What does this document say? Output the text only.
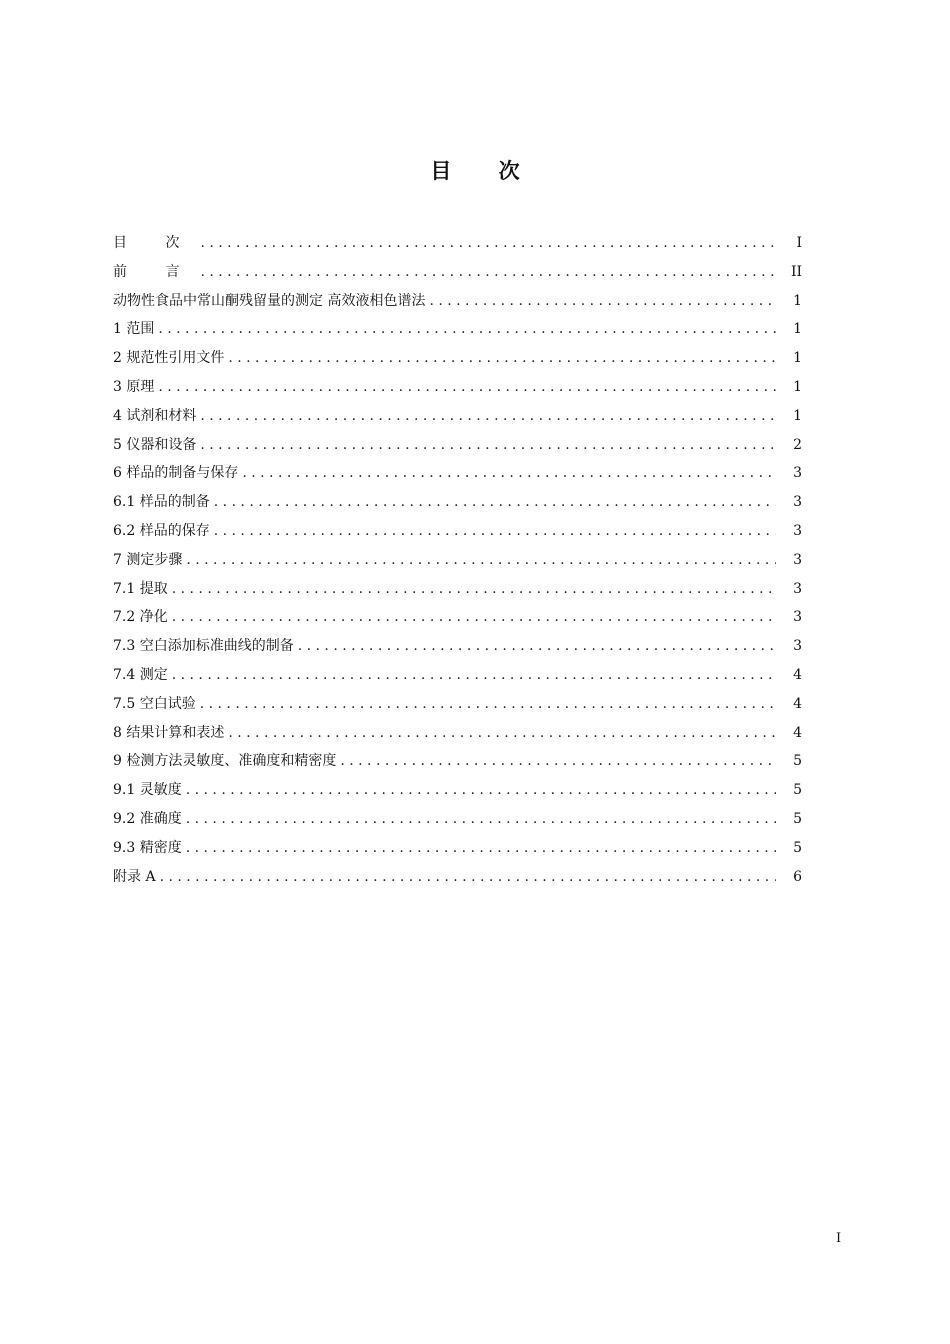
目 次
目 次 . . .	I
前 言 . . .	II
动物性食品中常山酮残留量的测定 高效液相色谱法 . . .	1
1 范围 . . .	1
2 规范性引用文件 . . .	1
3 原理 . . .	1
4 试剂和材料 . . .	1
5 仪器和设备 . . .	2
6 样品的制备与保存 . . .	3
6.1 样品的制备 . . .	3
6.2 样品的保存 . . .	3
7 测定步骤 . . .	3
7.1 提取 . . .	3
7.2 净化 . . .	3
7.3 空白添加标准曲线的制备 . . .	3
7.4 测定 . . .	4
7.5 空白试验 . . .	4
8 结果计算和表述 . . .	4
9 检测方法灵敏度、准确度和精密度 . . .	5
9.1 灵敏度 . . .	5
9.2 准确度 . . .	5
9.3 精密度 . . .	5
附录 A . . .	6
I
